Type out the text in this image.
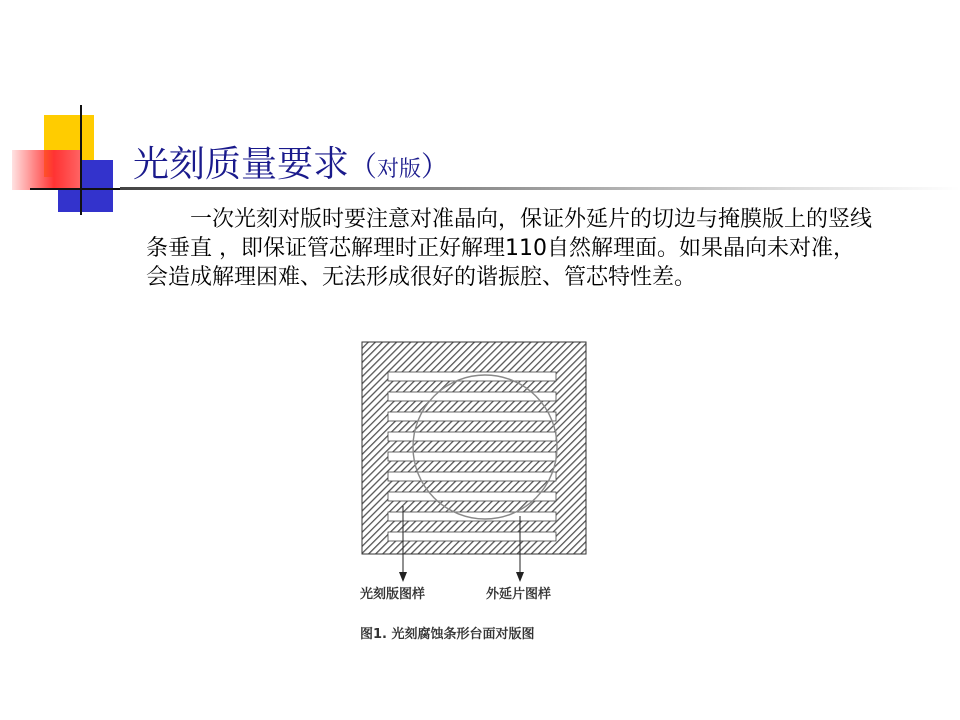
光刻质量要求（对版）

一次光刻对版时要注意对准晶向，保证外延片的切边与掩膜版上的竖线条垂直 ，即保证管芯解理时正好解理110自然解理面。如果晶向未对准，会造成解理困难、无法形成很好的谐振腔、管芯特性差。

光刻版图样	外延片图样
图1. 光刻腐蚀条形台面对版图
